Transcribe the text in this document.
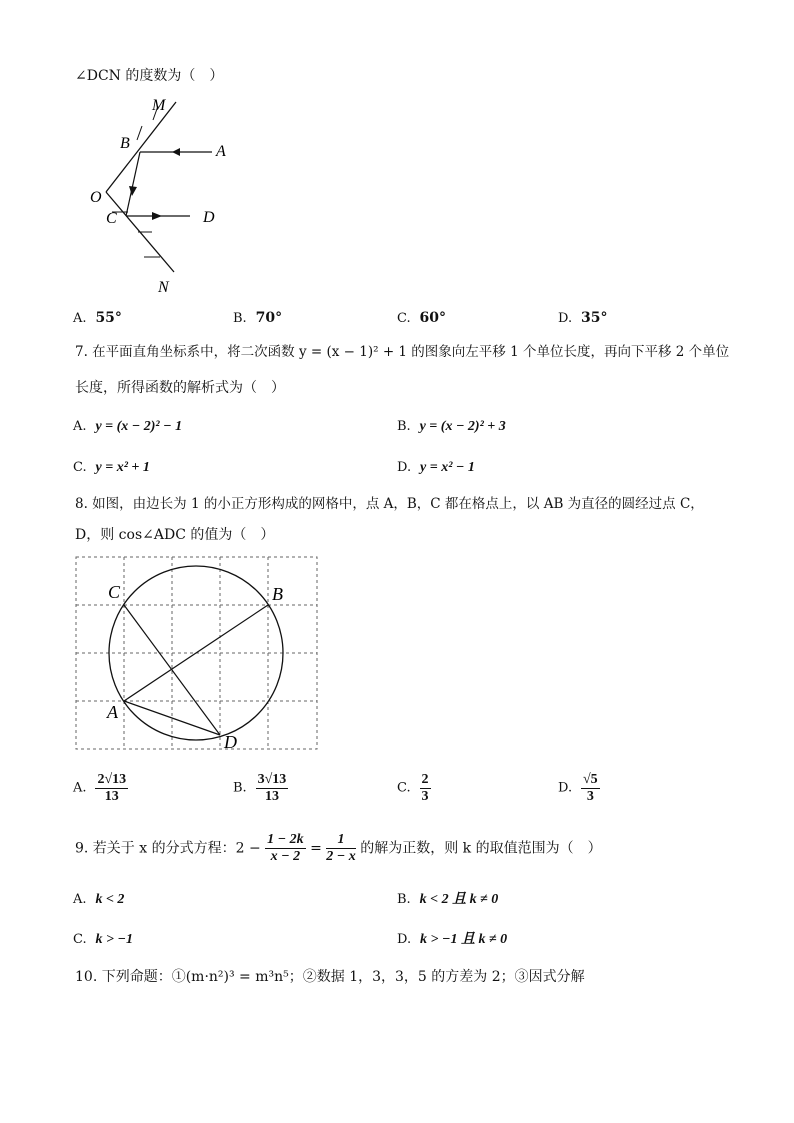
∠DCN 的度数为（　）
M
B	A
O
C	D
N
A. 55°	B. 70°	C. 60°	D. 35°
7. 在平面直角坐标系中，将二次函数 y = (x − 1)² + 1 的图象向左平移 1 个单位长度，再向下平移 2 个单位
长度，所得函数的解析式为（　）
A. y = (x − 2)² − 1	B. y = (x − 2)² + 3
C. y = x² + 1	D. y = x² − 1
8. 如图，由边长为 1 的小正方形构成的网格中，点 A，B，C 都在格点上，以 AB 为直径的圆经过点 C，
D，则 cos∠ADC 的值为（　）
C	B
A
D
A. $\frac{2√13}{13}$	B. $\frac{3√13}{13}$	C. $\frac{2}{3}$	D. $\frac{√5}{3}$
9. 若关于 x 的分式方程：$2 - \frac{1 - 2k}{x - 2} = \frac{1}{2 - x}$ 的解为正数，则 k 的取值范围为（　）
A. k < 2	B. k < 2 且 k ≠ 0
C. k > −1	D. k > −1 且 k ≠ 0
10. 下列命题：①(m·n²)³ = m³n⁵；②数据 1，3，3，5 的方差为 2；③因式分解
